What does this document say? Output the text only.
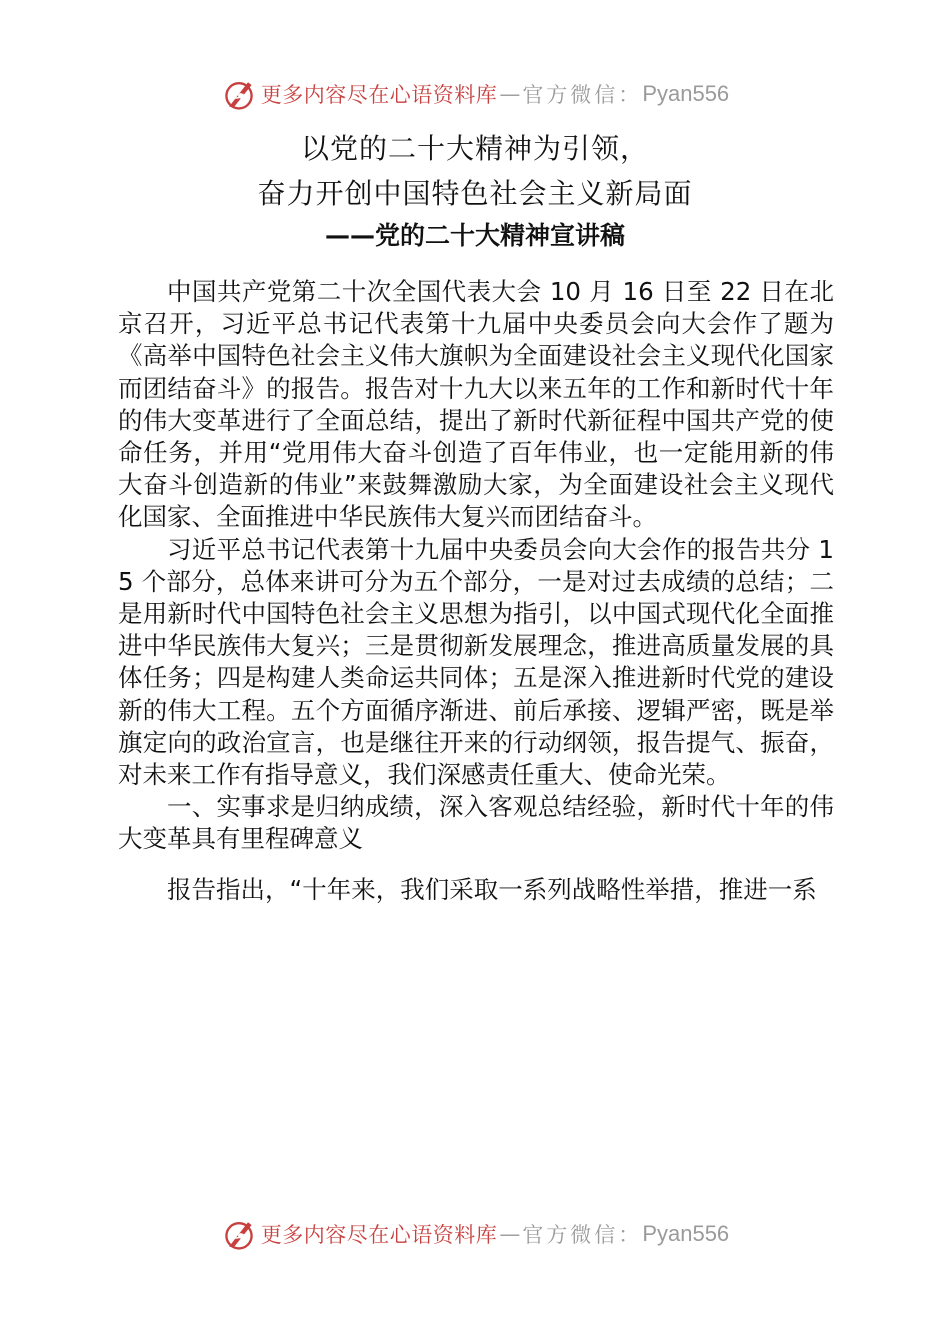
更多内容尽在心语资料库 — 官方微信： Pyan556
以党的二十大精神为引领，
奋力开创中国特色社会主义新局面
——党的二十大精神宣讲稿

中国共产党第二十次全国代表大会 10 月 16 日至 22 日在北京召开，习近平总书记代表第十九届中央委员会向大会作了题为《高举中国特色社会主义伟大旗帜为全面建设社会主义现代化国家而团结奋斗》的报告。报告对十九大以来五年的工作和新时代十年的伟大变革进行了全面总结，提出了新时代新征程中国共产党的使命任务，并用“党用伟大奋斗创造了百年伟业，也一定能用新的伟大奋斗创造新的伟业”来鼓舞激励大家，为全面建设社会主义现代化国家、全面推进中华民族伟大复兴而团结奋斗。

习近平总书记代表第十九届中央委员会向大会作的报告共分 15 个部分，总体来讲可分为五个部分，一是对过去成绩的总结；二是用新时代中国特色社会主义思想为指引，以中国式现代化全面推进中华民族伟大复兴；三是贯彻新发展理念，推进高质量发展的具体任务；四是构建人类命运共同体；五是深入推进新时代党的建设新的伟大工程。五个方面循序渐进、前后承接、逻辑严密，既是举旗定向的政治宣言，也是继往开来的行动纲领，报告提气、振奋，对未来工作有指导意义，我们深感责任重大、使命光荣。

一、实事求是归纳成绩，深入客观总结经验，新时代十年的伟大变革具有里程碑意义

报告指出，“十年来，我们采取一系列战略性举措，推进一系

更多内容尽在心语资料库 — 官方微信： Pyan556
